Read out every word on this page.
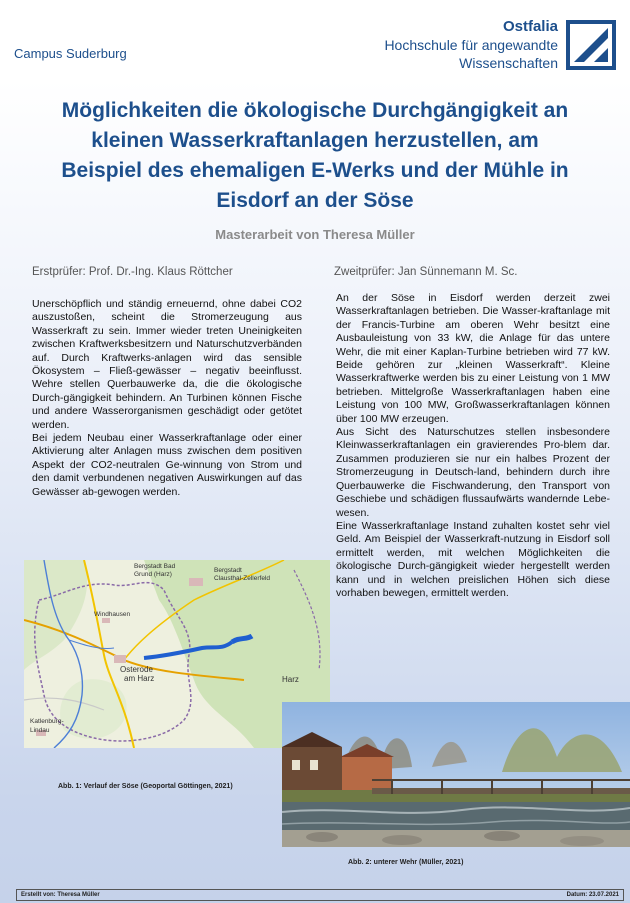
Campus Suderburg
Ostfalia
Hochschule für angewandte
Wissenschaften
Möglichkeiten die ökologische Durchgängigkeit an
kleinen Wasserkraftanlagen herzustellen, am
Beispiel des ehemaligen E-Werks und der Mühle in
Eisdorf an der Söse
Masterarbeit von Theresa Müller
Erstprüfer: Prof. Dr.-Ing. Klaus Röttcher	Zweitprüfer: Jan Sünnemann M. Sc.

Unerschöpflich und ständig erneuernd, ohne dabei CO2 auszustoßen, scheint die Stromerzeugung aus Wasserkraft zu sein. Immer wieder treten Uneinigkeiten zwischen Kraftwerksbesitzern und Naturschutzverbänden auf. Durch Kraftwerks-anlagen wird das sensible Ökosystem – Fließ-gewässer – negativ beeinflusst. Wehre stellen Querbauwerke da, die die ökologische Durch-gängigkeit behindern. An Turbinen können Fische und andere Wasserorganismen geschädigt oder getötet werden.

Bei jedem Neubau einer Wasserkraftanlage oder einer Aktivierung alter Anlagen muss zwischen dem positiven Aspekt der CO2-neutralen Ge-winnung von Strom und den damit verbundenen negativen Auswirkungen auf das Gewässer ab-gewogen werden.

An der Söse in Eisdorf werden derzeit zwei Wasserkraftanlagen betrieben. Die Wasser-kraftanlage mit der Francis-Turbine am oberen Wehr besitzt eine Ausbauleistung von 33 kW, die Anlage für das untere Wehr, die mit einer Kaplan-Turbine betrieben wird 77 kW. Beide gehören zur „kleinen Wasserkraft“. Kleine Wasserkraftwerke werden bis zu einer Leistung von 1 MW betrieben. Mittelgroße Wasserkraftanlagen haben eine Leistung von 100 MW, Großwasserkraftanlagen können über 100 MW erzeugen.

Aus Sicht des Naturschutzes stellen insbesondere Kleinwasserkraftanlagen ein gravierendes Pro-blem dar. Zusammen produzieren sie nur ein halbes Prozent der Stromerzeugung in Deutsch-land, behindern durch ihre Querbauwerke die Fischwanderung, den Transport von Geschiebe und schädigen flussaufwärts wandernde Lebe-wesen.

Eine Wasserkraftanlage Instand zuhalten kostet sehr viel Geld. Am Beispiel der Wasserkraft-nutzung in Eisdorf soll ermittelt werden, mit welchen Möglichkeiten die ökologische Durch-gängigkeit wieder hergestellt werden kann und in welchen preislichen Höhen sich diese vorhaben bewegen, ermittelt werden.

Bergstadt Bad
Grund (Harz)
Bergstadt
Clausthal-Zellerfeld
Windhausen
Osterode
am Harz	Harz
Katlenburg-
Lindau
Abb. 1: Verlauf der Söse (Geoportal Göttingen, 2021)
Abb. 2: unterer Wehr (Müller, 2021)
Erstellt von: Theresa Müller	Datum: 23.07.2021
